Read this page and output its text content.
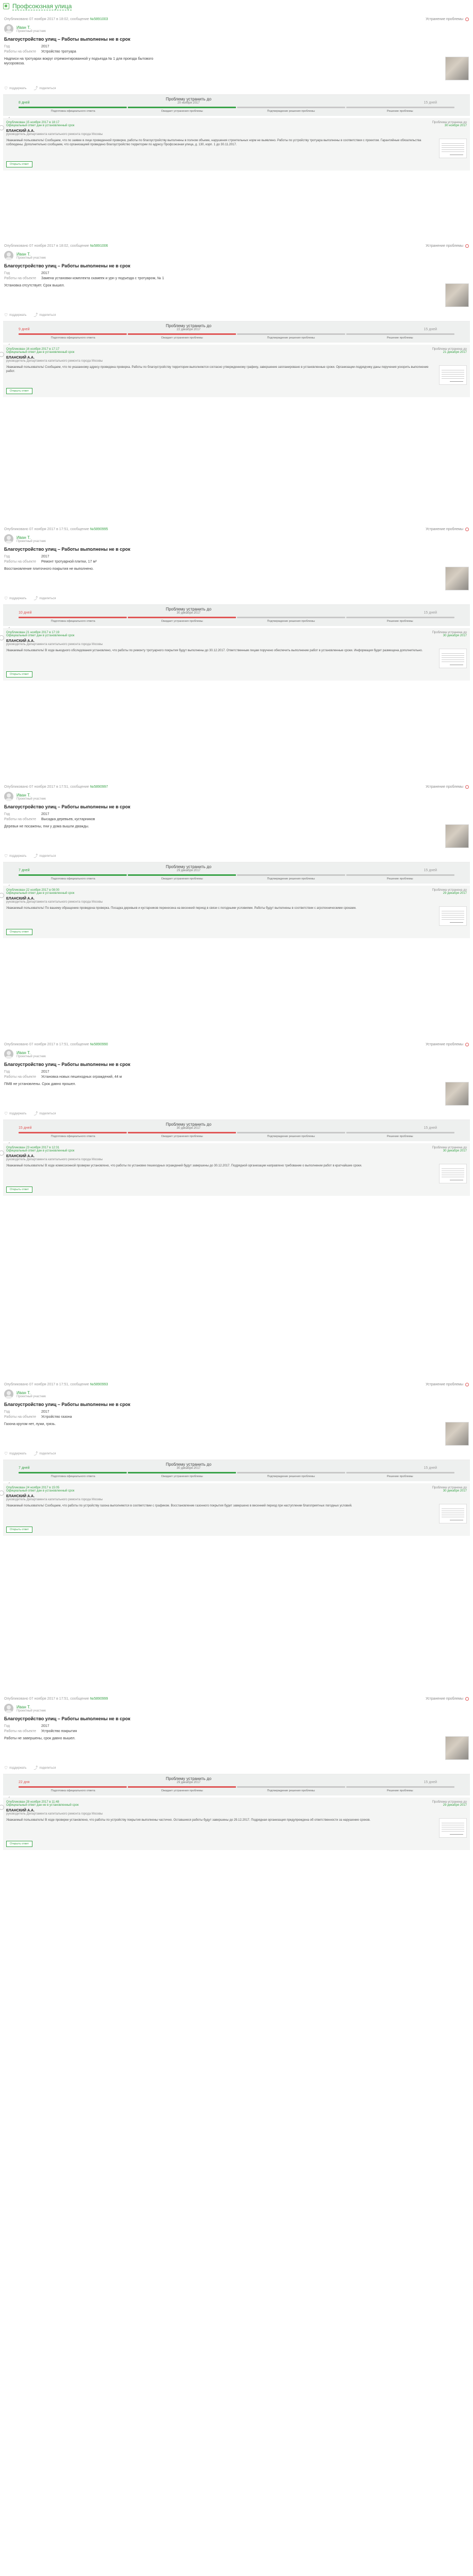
Профсоюзная улица
Опубликовано 07 ноября 2017 в 18:02, сообщение №5891003	Устранение проблемы
Иван Т.
Проектный участник
Благоустройство улиц – Работы выполнены не в срок
Год	2017
Работы на объекте	Устройство тротуара
Надписи на тротуарах вокруг отремонтированной у подъезда № 1 для проезда бытового мусоровоза.
♡ поддержать ⤴ поделиться
Проблему устранить до
20 ноября 2017
8 дней	15 дней
Подготовка официального ответа	Ожидает устранения проблемы	Подтверждение решения проблемы	Решение проблемы
Опубликован 15 ноября 2017 в 18:17
Официальный ответ дан в установленный срок
Проблема устранена до
30 ноября 2017
ЕЛАНСКИЙ А.А.
руководитель Департамента капитального ремонта города Москвы
Уважаемый пользователь! Сообщаем, что по заявке в лице проведенной проверки, работы по благоустройству выполнены в полном объеме, нарушения строительных норм не выявлено. Работы по устройству тротуара выполнены в соответствии с проектом. Гарантийные обязательства соблюдены. Дополнительно сообщаем, что организацией проведено благоустройство территории по адресу Профсоюзная улица, д. 130, корп. 1 до 30.11.2017.
Открыть ответ
Опубликовано 07 ноября 2017 в 18:02, сообщение №5891006	Устранение проблемы
Иван Т.
Проектный участник
Благоустройство улиц – Работы выполнены не в срок
Год	2017
Работы на объекте	Замена установки комплекта скамеек и урн у подъезда с тротуаром, № 1
Установка отсутствует. Срок вышел.
♡ поддержать ⤴ поделиться
Проблему устранить до
22 декабря 2017
9 дней	15 дней
Подготовка официального ответа	Ожидает устранения проблемы	Подтверждение решения проблемы	Решение проблемы
Опубликован 16 ноября 2017 в 17:17
Официальный ответ дан в установленный срок
Проблема устранена до
21 декабря 2017
ЕЛАНСКИЙ А.А.
руководитель Департамента капитального ремонта города Москвы
Уважаемый пользователь! Сообщаем, что по указанному адресу проведена проверка. Работы по благоустройству территории выполняются согласно утвержденному графику, завершение запланировано в установленные сроки. Организации-подрядчику даны поручения ускорить выполнение работ.
Открыть ответ
Опубликовано 07 ноября 2017 в 17:51, сообщение №5890995	Устранение проблемы
Иван Т.
Проектный участник
Благоустройство улиц – Работы выполнены не в срок
Год	2017
Работы на объекте	Ремонт тротуарной плитки, 17 м²
Восстановление плиточного покрытия не выполнено.
♡ поддержать ⤴ поделиться
Проблему устранить до
30 декабря 2017
10 дней	15 дней
Подготовка официального ответа	Ожидает устранения проблемы	Подтверждение решения проблемы	Решение проблемы
Опубликован 21 ноября 2017 в 17:19
Официальный ответ дан в установленный срок
Проблема устранена до
30 декабря 2017
ЕЛАНСКИЙ А.А.
руководитель Департамента капитального ремонта города Москвы
Уважаемый пользователь! В ходе выездного обследования установлено, что работы по ремонту тротуарного покрытия будут выполнены до 30.12.2017. Ответственным лицам поручено обеспечить выполнение работ в установленные сроки. Информация будет размещена дополнительно.
Открыть ответ
Опубликовано 07 ноября 2017 в 17:51, сообщение №5890997	Устранение проблемы
Иван Т.
Проектный участник
Благоустройство улиц – Работы выполнены не в срок
Год	2017
Работы на объекте	Высадка деревьев, кустарников
Деревья не посажены, пни у дома вышли дважды.
♡ поддержать ⤴ поделиться
Проблему устранить до
29 декабря 2017
7 дней	15 дней
Подготовка официального ответа	Ожидает устранения проблемы	Подтверждение решения проблемы	Решение проблемы
Опубликован 22 ноября 2017 в 08:00
Официальный ответ дан в установленный срок
Проблема устранена до
29 декабря 2017
ЕЛАНСКИЙ А.А.
руководитель Департамента капитального ремонта города Москвы
Уважаемый пользователь! По вашему обращению проведена проверка. Посадка деревьев и кустарников перенесена на весенний период в связи с погодными условиями. Работы будут выполнены в соответствии с агротехническими сроками.
Открыть ответ
Опубликовано 07 ноября 2017 в 17:51, сообщение №5890990	Устранение проблемы
Иван Т.
Проектный участник
Благоустройство улиц – Работы выполнены не в срок
Год	2017
Работы на объекте	Установка новых пешеходных ограждений, 44 м
ПМВ не установлены. Срок давно прошел.
♡ поддержать ⤴ поделиться
Проблему устранить до
30 декабря 2017
15 дней	15 дней
Подготовка официального ответа	Ожидает устранения проблемы	Подтверждение решения проблемы	Решение проблемы
Опубликован 23 ноября 2017 в 12:31
Официальный ответ дан в установленный срок
Проблема устранена до
30 декабря 2017
ЕЛАНСКИЙ А.А.
руководитель Департамента капитального ремонта города Москвы
Уважаемый пользователь! В ходе комиссионной проверки установлено, что работы по установке пешеходных ограждений будут завершены до 30.12.2017. Подрядной организации направлено требование о выполнении работ в кратчайшие сроки.
Открыть ответ
Опубликовано 07 ноября 2017 в 17:51, сообщение №5890993	Устранение проблемы
Иван Т.
Проектный участник
Благоустройство улиц – Работы выполнены не в срок
Год	2017
Работы на объекте	Устройство газона
Газона кругом нет, лужи, грязь.
♡ поддержать ⤴ поделиться
Проблему устранить до
30 декабря 2017
7 дней	15 дней
Подготовка официального ответа	Ожидает устранения проблемы	Подтверждение решения проблемы	Решение проблемы
Опубликован 24 ноября 2017 в 15:05
Официальный ответ дан в установленный срок
Проблема устранена до
30 декабря 2017
ЕЛАНСКИЙ А.А.
руководитель Департамента капитального ремонта города Москвы
Уважаемый пользователь! Сообщаем, что работы по устройству газона выполняются в соответствии с графиком. Восстановление газонного покрытия будет завершено в весенний период при наступлении благоприятных погодных условий.
Открыть ответ
Опубликовано 07 ноября 2017 в 17:51, сообщение №5890999	Устранение проблемы
Иван Т.
Проектный участник
Благоустройство улиц – Работы выполнены не в срок
Год	2017
Работы на объекте	Устройство покрытия
Работы не завершены, срок давно вышел.
♡ поддержать ⤴ поделиться
Проблему устранить до
29 декабря 2017
22 дня	15 дней
Подготовка официального ответа	Ожидает устранения проблемы	Подтверждение решения проблемы	Решение проблемы
Опубликован 28 ноября 2017 в 11:48
Официальный ответ дан не в установленный срок
Проблема устранена до
29 декабря 2017
ЕЛАНСКИЙ А.А.
руководитель Департамента капитального ремонта города Москвы
Уважаемый пользователь! В ходе проверки установлено, что работы по устройству покрытия выполнены частично. Оставшиеся работы будут завершены до 29.12.2017. Подрядная организация предупреждена об ответственности за нарушение сроков.
Открыть ответ
